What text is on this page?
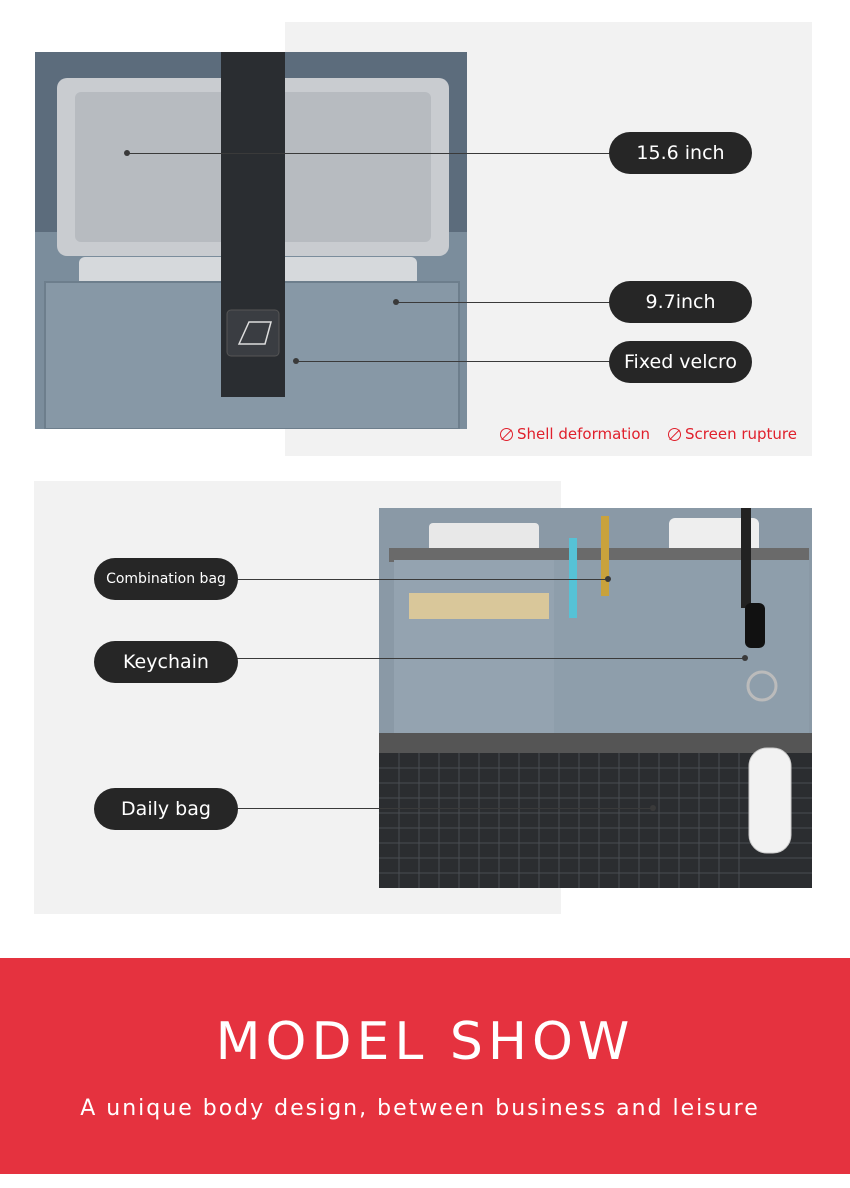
15.6 inch
9.7inch
Fixed velcro
Shell deformation Screen rupture
Combination bag
Keychain
Daily bag
MODEL SHOW
A unique body design, between business and leisure
